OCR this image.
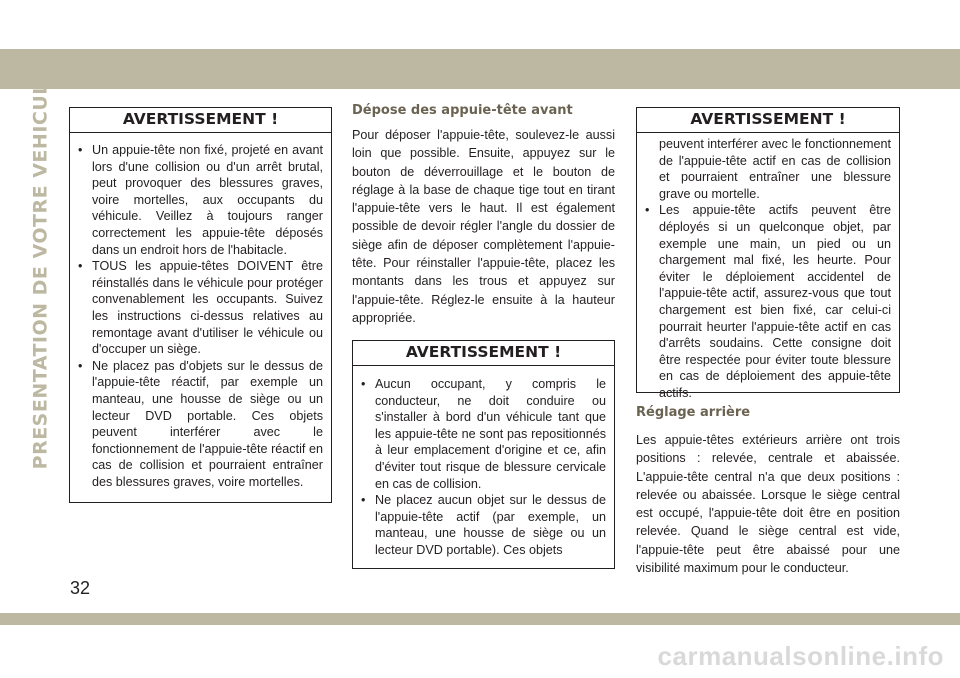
PRESENTATION DE VOTRE VEHICULE	AVERTISSEMENT !
• Un appuie-tête non fixé, projeté en avant lors d'une collision ou d'un arrêt brutal, peut provoquer des blessures graves, voire mortelles, aux occupants du véhicule. Veillez à toujours ranger correctement les appuie-tête déposés dans un endroit hors de l'habitacle.
• TOUS les appuie-têtes DOIVENT être réinstallés dans le véhicule pour protéger convenablement les occupants. Suivez les instructions ci-dessus relatives au remontage avant d'utiliser le véhicule ou d'occuper un siège.
• Ne placez pas d'objets sur le dessus de l'appuie-tête réactif, par exemple un manteau, une housse de siège ou un lecteur DVD portable. Ces objets peuvent interférer avec le fonctionnement de l'appuie-tête réactif en cas de collision et pourraient entraîner des blessures graves, voire mortelles.
Dépose des appuie-tête avant

Pour déposer l'appuie-tête, soulevez-le aussi loin que possible. Ensuite, appuyez sur le bouton de déverrouillage et le bouton de réglage à la base de chaque tige tout en tirant l'appuie-tête vers le haut. Il est également possible de devoir régler l'angle du dossier de siège afin de déposer complètement l'appuie-tête. Pour réinstaller l'appuie-tête, placez les montants dans les trous et appuyez sur l'appuie-tête. Réglez-le ensuite à la hauteur appropriée.

AVERTISSEMENT !
• Aucun occupant, y compris le conducteur, ne doit conduire ou s'installer à bord d'un véhicule tant que les appuie-tête ne sont pas repositionnés à leur emplacement d'origine et ce, afin d'éviter tout risque de blessure cervicale en cas de collision.
• Ne placez aucun objet sur le dessus de l'appuie-tête actif (par exemple, un manteau, une housse de siège ou un lecteur DVD portable). Ces objets
AVERTISSEMENT !
peuvent interférer avec le fonctionnement de l'appuie-tête actif en cas de collision et pourraient entraîner une blessure grave ou mortelle.
• Les appuie-tête actifs peuvent être déployés si un quelconque objet, par exemple une main, un pied ou un chargement mal fixé, les heurte. Pour éviter le déploiement accidentel de l'appuie-tête actif, assurez-vous que tout chargement est bien fixé, car celui-ci pourrait heurter l'appuie-tête actif en cas d'arrêts soudains. Cette consigne doit être respectée pour éviter toute blessure en cas de déploiement des appuie-tête actifs.
Réglage arrière

Les appuie-têtes extérieurs arrière ont trois positions : relevée, centrale et abaissée. L'appuie-tête central n'a que deux positions : relevée ou abaissée. Lorsque le siège central est occupé, l'appuie-tête doit être en position relevée. Quand le siège central est vide, l'appuie-tête peut être abaissé pour une visibilité maximum pour le conducteur.

32
carmanualsonline.info
